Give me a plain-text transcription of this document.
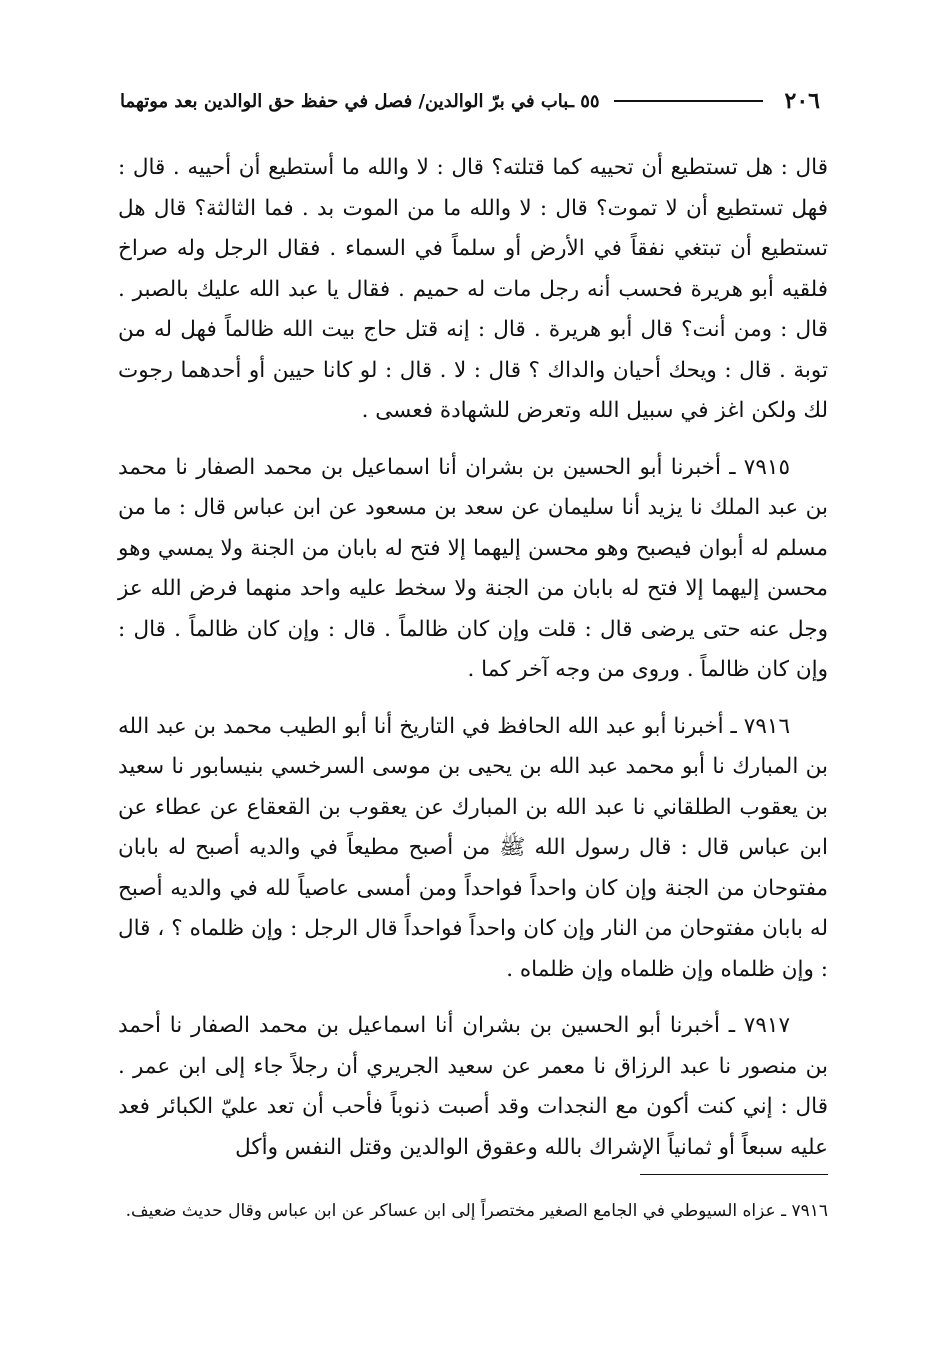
٢٠٦
٥٥ ـباب في برّ الوالدين/ فصل في حفظ حق الوالدين بعد موتهما

قال : هل تستطيع أن تحييه كما قتلته؟ قال : لا والله ما أستطيع أن أحييه . قال : فهل تستطيع أن لا تموت؟ قال : لا والله ما من الموت بد . فما الثالثة؟ قال هل تستطيع أن تبتغي نفقاً في الأرض أو سلماً في السماء . فقال الرجل وله صراخ فلقيه أبو هريرة فحسب أنه رجل مات له حميم . فقال يا عبد الله عليك بالصبر . قال : ومن أنت؟ قال أبو هريرة . قال : إنه قتل حاج بيت الله ظالماً فهل له من توبة . قال : ويحك أحيان والداك ؟ قال : لا . قال : لو كانا حيين أو أحدهما رجوت لك ولكن اغز في سبيل الله وتعرض للشهادة فعسى .

٧٩١٥ ـ أخبرنا أبو الحسين بن بشران أنا اسماعيل بن محمد الصفار نا محمد بن عبد الملك نا يزيد أنا سليمان عن سعد بن مسعود عن ابن عباس قال : ما من مسلم له أبوان فيصبح وهو محسن إليهما إلا فتح له بابان من الجنة ولا يمسي وهو محسن إليهما إلا فتح له بابان من الجنة ولا سخط عليه واحد منهما فرض الله عز وجل عنه حتى يرضى قال : قلت وإن كان ظالماً . قال : وإن كان ظالماً . قال : وإن كان ظالماً . وروى من وجه آخر كما .

٧٩١٦ ـ أخبرنا أبو عبد الله الحافظ في التاريخ أنا أبو الطيب محمد بن عبد الله بن المبارك نا أبو محمد عبد الله بن يحيى بن موسى السرخسي بنيسابور نا سعيد بن يعقوب الطلقاني نا عبد الله بن المبارك عن يعقوب بن القعقاع عن عطاء عن ابن عباس قال : قال رسول الله ﷺ من أصبح مطيعاً في والديه أصبح له بابان مفتوحان من الجنة وإن كان واحداً فواحداً ومن أمسى عاصياً لله في والديه أصبح له بابان مفتوحان من النار وإن كان واحداً فواحداً قال الرجل : وإن ظلماه ؟ ، قال : وإن ظلماه وإن ظلماه وإن ظلماه .

٧٩١٧ ـ أخبرنا أبو الحسين بن بشران أنا اسماعيل بن محمد الصفار نا أحمد بن منصور نا عبد الرزاق نا معمر عن سعيد الجريري أن رجلاً جاء إلى ابن عمر . قال : إني كنت أكون مع النجدات وقد أصبت ذنوباً فأحب أن تعد عليّ الكبائر فعد عليه سبعاً أو ثمانياً الإشراك بالله وعقوق الوالدين وقتل النفس وأكل

٧٩١٦ ـ عزاه السيوطي في الجامع الصغير مختصراً إلى ابن عساكر عن ابن عباس وقال حديث ضعيف.
